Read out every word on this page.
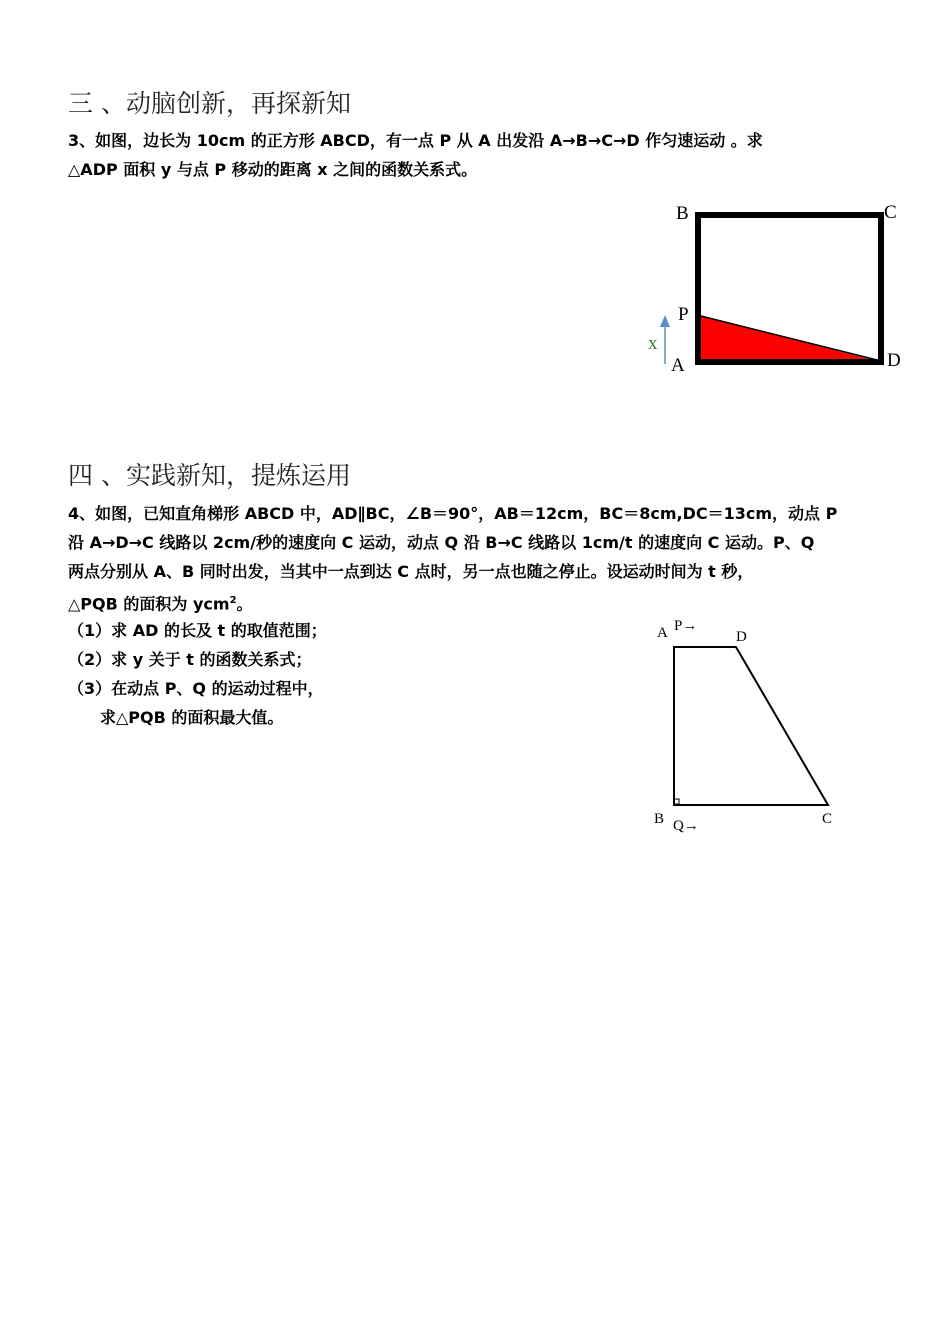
三 、动脑创新，再探新知
3、如图，边长为 10cm 的正方形 ABCD，有一点 P 从 A 出发沿 A→B→C→D 作匀速运动 。求
△ADP 面积 y 与点 P 移动的距离 x 之间的函数关系式。
B	C
P
x
A	D
四 、实践新知，提炼运用
4、如图，已知直角梯形 ABCD 中，AD∥BC，∠B＝90°，AB＝12cm，BC＝8cm,DC＝13cm，动点 P
沿 A→D→C 线路以 2cm/秒的速度向 C 运动，动点 Q 沿 B→C 线路以 1cm/t 的速度向 C 运动。P、Q
两点分别从 A、B 同时出发，当其中一点到达 C 点时，另一点也随之停止。设运动时间为 t 秒，
△PQB 的面积为 ycm$^2$。
（1）求 AD 的长及 t 的取值范围；
（2）求 y 关于 t 的函数关系式；
（3）在动点 P、Q 的运动过程中，
求△PQB 的面积最大值。
A P→
D
B Q→	C
